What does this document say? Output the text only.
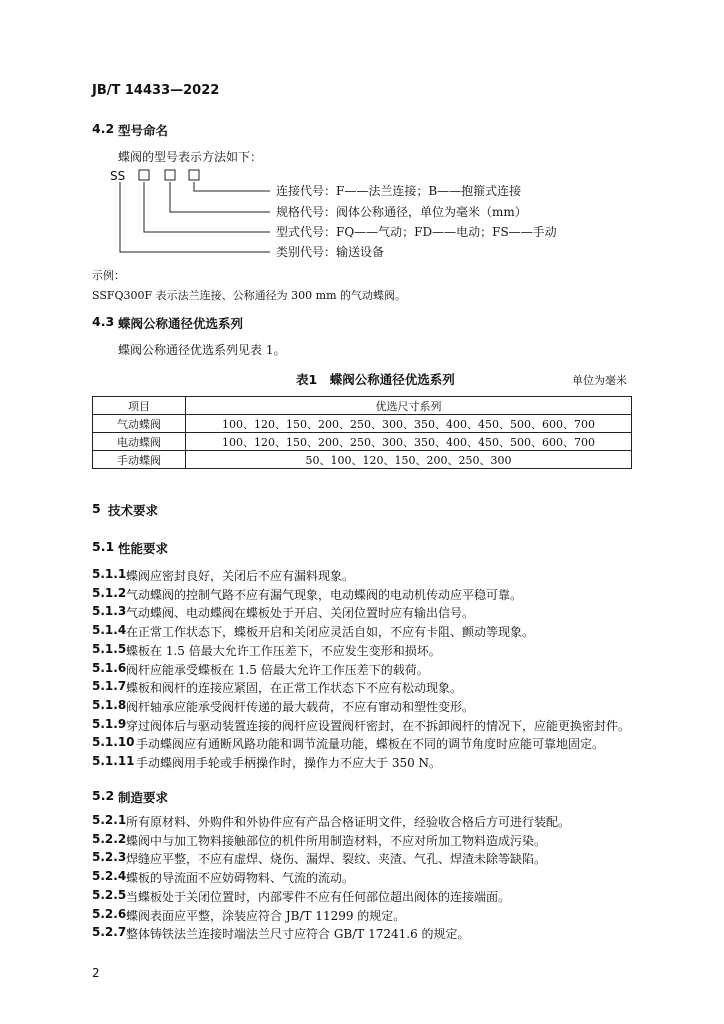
JB/T 14433—2022
4.2 型号命名
蝶阀的型号表示方法如下：
SS
连接代号：F——法兰连接；B——抱箍式连接
规格代号：阀体公称通径，单位为毫米（mm）
型式代号：FQ——气动；FD——电动；FS——手动
类别代号：输送设备
示例：
SSFQ300F 表示法兰连接、公称通径为 300 mm 的气动蝶阀。
4.3 蝶阀公称通径优选系列
蝶阀公称通径优选系列见表 1。
表1　蝶阀公称通径优选系列	单位为毫米
项目	优选尺寸系列
气动蝶阀	100、120、150、200、250、300、350、400、450、500、600、700
电动蝶阀	100、120、150、200、250、300、350、400、450、500、600、700
手动蝶阀	50、100、120、150、200、250、300
5 技术要求
5.1 性能要求
5.1.1 蝶阀应密封良好，关闭后不应有漏料现象。
5.1.2 气动蝶阀的控制气路不应有漏气现象，电动蝶阀的电动机传动应平稳可靠。
5.1.3 气动蝶阀、电动蝶阀在蝶板处于开启、关闭位置时应有输出信号。
5.1.4 在正常工作状态下，蝶板开启和关闭应灵活自如，不应有卡阻、颤动等现象。
5.1.5 蝶板在 1.5 倍最大允许工作压差下，不应发生变形和损坏。
5.1.6 阀杆应能承受蝶板在 1.5 倍最大允许工作压差下的载荷。
5.1.7 蝶板和阀杆的连接应紧固，在正常工作状态下不应有松动现象。
5.1.8 阀杆轴承应能承受阀杆传递的最大载荷，不应有窜动和塑性变形。
5.1.9 穿过阀体后与驱动装置连接的阀杆应设置阀杆密封，在不拆卸阀杆的情况下，应能更换密封件。
5.1.10 手动蝶阀应有通断风路功能和调节流量功能，蝶板在不同的调节角度时应能可靠地固定。
5.1.11 手动蝶阀用手轮或手柄操作时，操作力不应大于 350 N。
5.2 制造要求
5.2.1 所有原材料、外购件和外协件应有产品合格证明文件，经验收合格后方可进行装配。
5.2.2 蝶阀中与加工物料接触部位的机件所用制造材料，不应对所加工物料造成污染。
5.2.3 焊缝应平整，不应有虚焊、烧伤、漏焊、裂纹、夹渣、气孔、焊渣未除等缺陷。
5.2.4 蝶板的导流面不应妨碍物料、气流的流动。
5.2.5 当蝶板处于关闭位置时，内部零件不应有任何部位超出阀体的连接端面。
5.2.6 蝶阀表面应平整，涂装应符合 JB/T 11299 的规定。
5.2.7 整体铸铁法兰连接时端法兰尺寸应符合 GB/T 17241.6 的规定。
2
